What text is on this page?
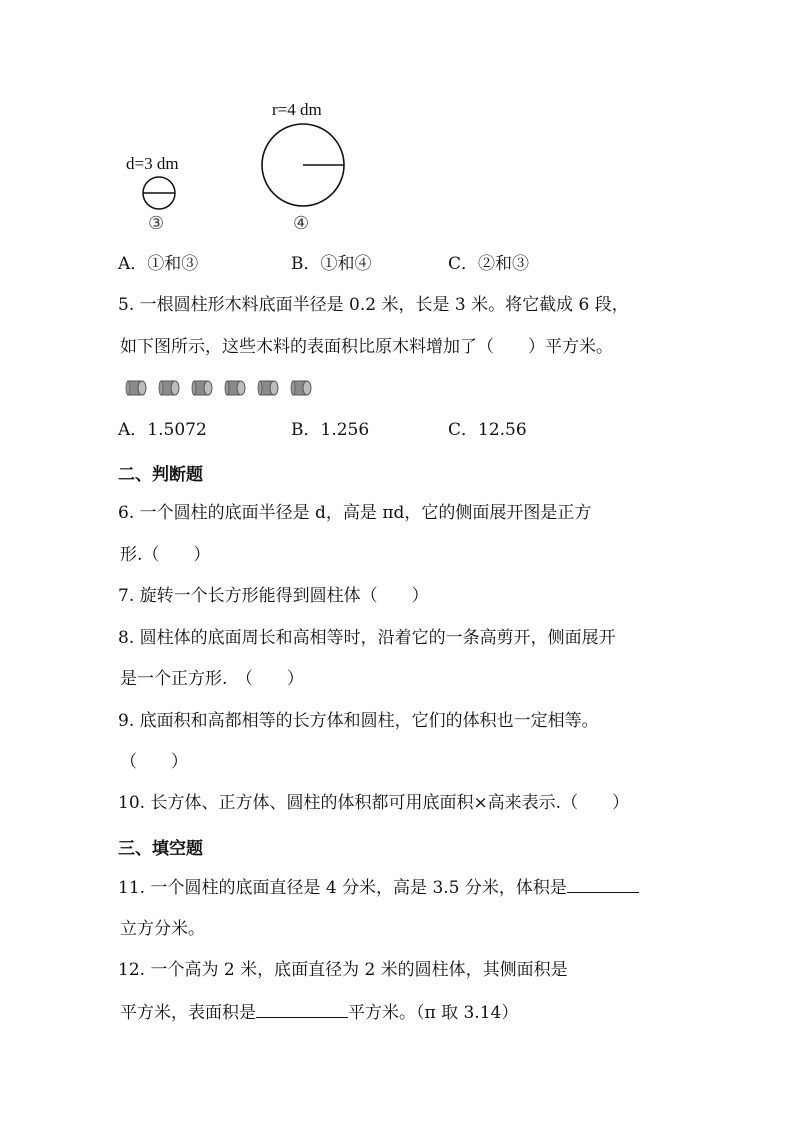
d=3 dm
③
r=4 dm
④
A．①和③	B．①和④	C．②和③
5. 一根圆柱形木料底面半径是 0.2 米，长是 3 米。将它截成 6 段，
如下图所示，这些木料的表面积比原木料增加了（　　）平方米。
A．1.5072	B．1.256	C．12.56
二、判断题
6. 一个圆柱的底面半径是 d，高是 πd，它的侧面展开图是正方
形.（　　）
7. 旋转一个长方形能得到圆柱体（　　）
8. 圆柱体的底面周长和高相等时，沿着它的一条高剪开，侧面展开
是一个正方形.　（　　）
9. 底面积和高都相等的长方体和圆柱，它们的体积也一定相等。
（　　）
10. 长方体、正方体、圆柱的体积都可用底面积×高来表示.（　　）
三、填空题
11. 一个圆柱的底面直径是 4 分米，高是 3.5 分米，体积是
立方分米。
12. 一个高为 2 米，底面直径为 2 米的圆柱体，其侧面积是
平方米，表面积是	平方米。（π 取 3.14）
